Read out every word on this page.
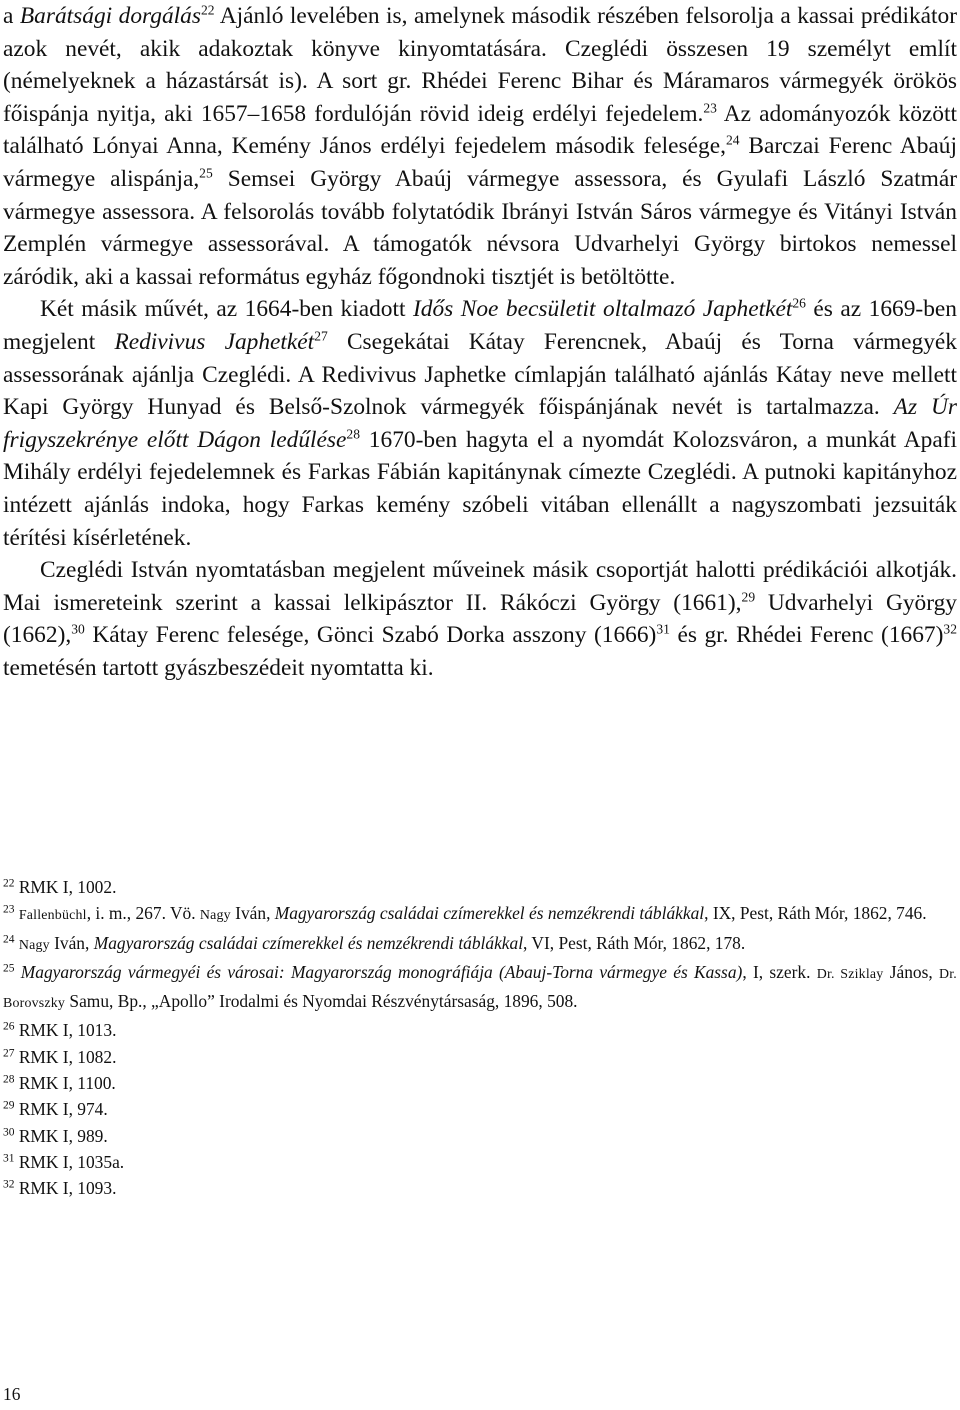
a Barátsági dorgálás$^{22}$ Ajánló levelében is, amelynek második részében felsorolja a kassai prédikátor azok nevét, akik adakoztak könyve kinyomtatására. Czeglédi összesen 19 személyt említ (némelyeknek a házastársát is). A sort gr. Rhédei Ferenc Bihar és Máramaros vármegyék örökös főispánja nyitja, aki 1657–1658 fordulóján rövid ideig erdélyi fejedelem.$^{23}$ Az adományozók között található Lónyai Anna, Kemény János erdélyi fejedelem második felesége,$^{24}$ Barczai Ferenc Abaúj vármegye alispánja,$^{25}$ Semsei György Abaúj vármegye assessora, és Gyulafi László Szatmár vármegye assessora. A felsorolás tovább folytatódik Ibrányi István Sáros vármegye és Vitányi István Zemplén vármegye assessorával. A támogatók névsora Udvarhelyi György birtokos nemessel záródik, aki a kassai református egyház főgondnoki tisztjét is betöltötte.

Két másik művét, az 1664-ben kiadott Idős Noe becsületit oltalmazó Japhetkét$^{26}$ és az 1669-ben megjelent Redivivus Japhetkét$^{27}$ Csegekátai Kátay Ferencnek, Abaúj és Torna vármegyék assessorának ajánlja Czeglédi. A Redivivus Japhetke címlapján található ajánlás Kátay neve mellett Kapi György Hunyad és Belső-Szolnok vármegyék főispánjának nevét is tartalmazza. Az Úr frigyszekrénye előtt Dágon ledűlése$^{28}$ 1670-ben hagyta el a nyomdát Kolozsváron, a munkát Apafi Mihály erdélyi fejedelemnek és Farkas Fábián kapitánynak címezte Czeglédi. A putnoki kapitányhoz intézett ajánlás indoka, hogy Farkas kemény szóbeli vitában ellenállt a nagyszombati jezsuiták térítési kísérletének.

Czeglédi István nyomtatásban megjelent műveinek másik csoportját halotti prédikációi alkotják. Mai ismereteink szerint a kassai lelkipásztor II. Rákóczi György (1661),$^{29}$ Udvarhelyi György (1662),$^{30}$ Kátay Ferenc felesége, Gönci Szabó Dorka asszony $(1666)^{31}$ és gr. Rhédei Ferenc $(1667)^{32}$ temetésén tartott gyászbeszédeit nyomtatta ki.

$^{22}$ RMK I, 1002.

$^{23}$ Fallenbüchl, i. m., 267. Vö. Nagy Iván, Magyarország családai czímerekkel és nemzékrendi táblákkal, IX, Pest, Ráth Mór, 1862, 746.

$^{24}$ Nagy Iván, Magyarország családai czímerekkel és nemzékrendi táblákkal, VI, Pest, Ráth Mór, 1862, 178.

$^{25}$ Magyarország vármegyéi és városai: Magyarország monográfiája (Abauj-Torna vármegye és Kassa), I, szerk. Dr. Sziklay János, Dr. Borovszky Samu, Bp., „Apollo” Irodalmi és Nyomdai Részvénytársaság, 1896, 508.

$^{26}$ RMK I, 1013.

$^{27}$ RMK I, 1082.

$^{28}$ RMK I, 1100.

$^{29}$ RMK I, 974.

$^{30}$ RMK I, 989.

$^{31}$ RMK I, 1035a.

$^{32}$ RMK I, 1093.

16
